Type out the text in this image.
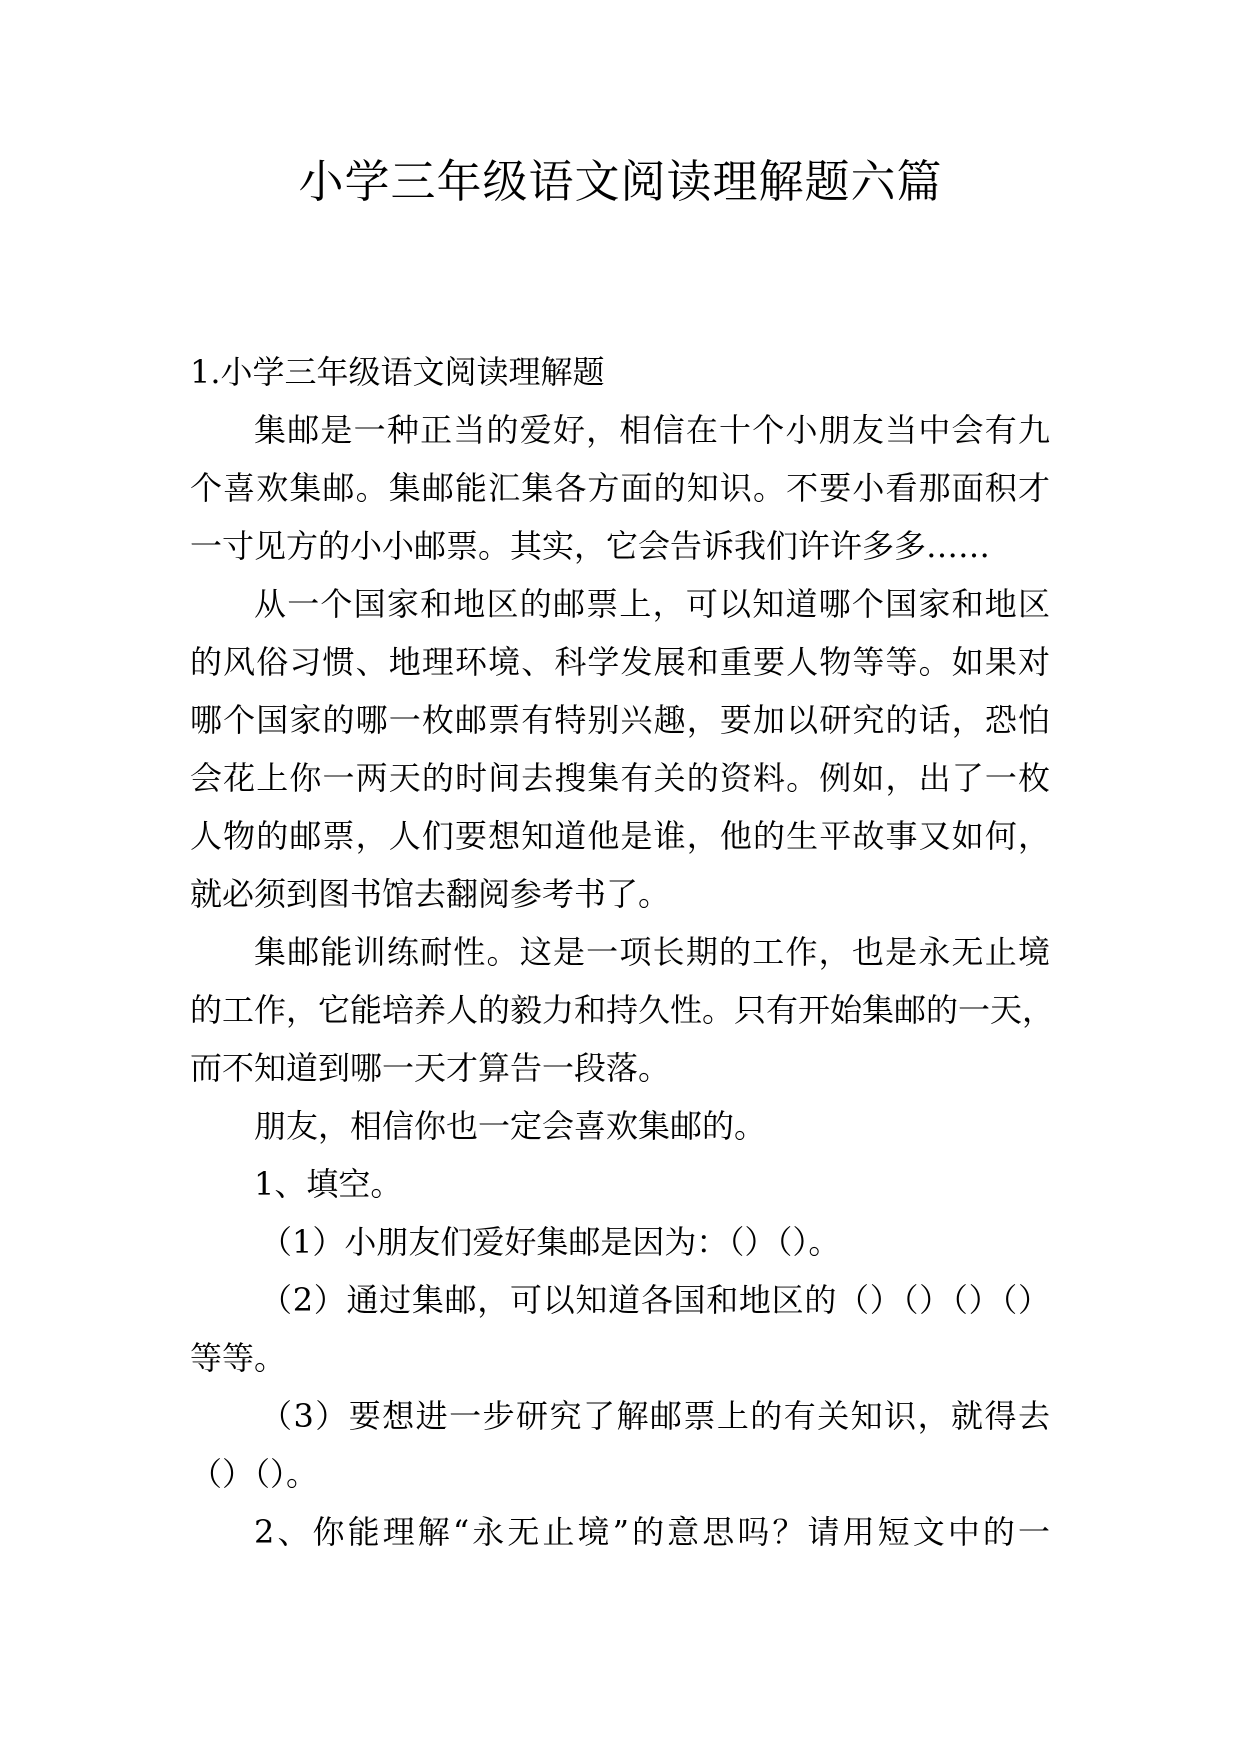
小学三年级语文阅读理解题六篇
1.小学三年级语文阅读理解题
集邮是一种正当的爱好，相信在十个小朋友当中会有九
个喜欢集邮。集邮能汇集各方面的知识。不要小看那面积才
一寸见方的小小邮票。其实，它会告诉我们许许多多……
从一个国家和地区的邮票上，可以知道哪个国家和地区
的风俗习惯、地理环境、科学发展和重要人物等等。如果对
哪个国家的哪一枚邮票有特别兴趣，要加以研究的话，恐怕
会花上你一两天的时间去搜集有关的资料。例如，出了一枚
人物的邮票，人们要想知道他是谁，他的生平故事又如何，
就必须到图书馆去翻阅参考书了。
集邮能训练耐性。这是一项长期的工作，也是永无止境
的工作，它能培养人的毅力和持久性。只有开始集邮的一天，
而不知道到哪一天才算告一段落。
朋友，相信你也一定会喜欢集邮的。
1、填空。
（1）小朋友们爱好集邮是因为：（）（）。
（2）通过集邮，可以知道各国和地区的（）（）（）（）
等等。
（3）要想进一步研究了解邮票上的有关知识，就得去
（）（）。
2、你能理解“永无止境”的意思吗？请用短文中的一
